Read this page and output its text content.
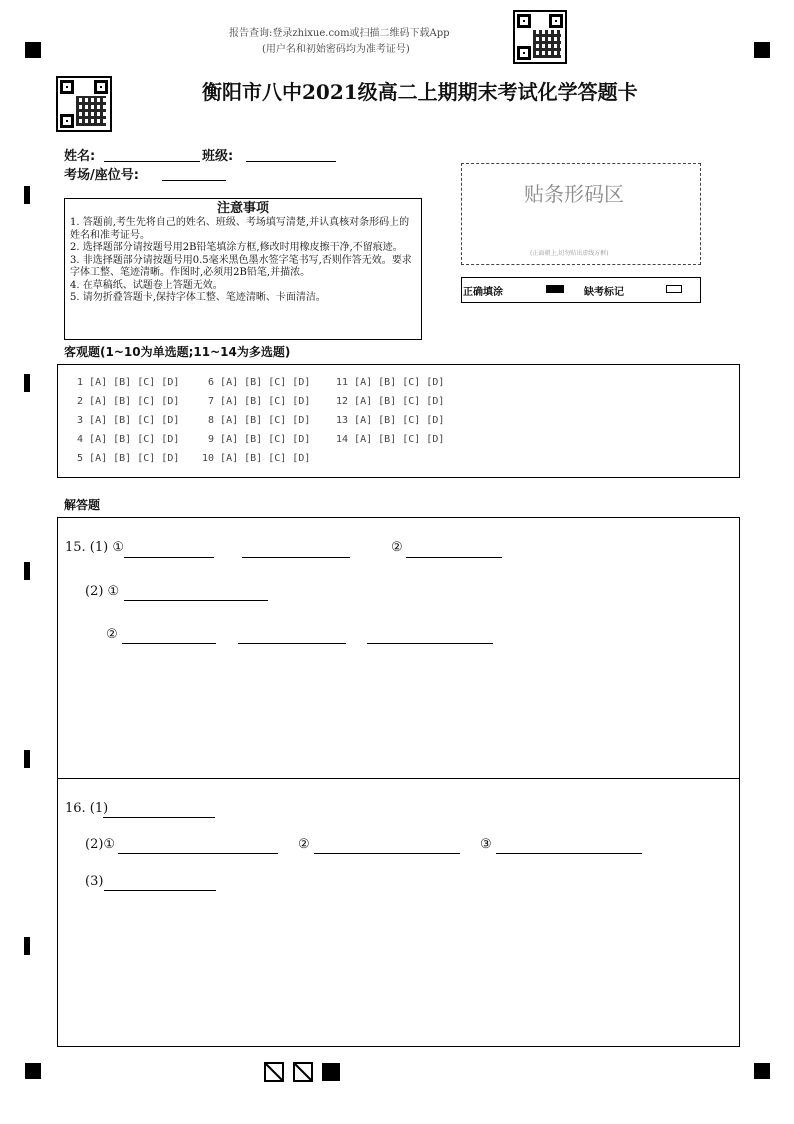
报告查询:登录zhixue.com或扫描二维码下载App
(用户名和初始密码均为准考证号)
衡阳市八中2021级高二上期期末考试化学答题卡
姓名:	班级:
考场/座位号:
贴条形码区
(正面朝上,切勿贴出虚线方框)
正确填涂	缺考标记
注意事项
1. 答题前,考生先将自己的姓名、班级、考场填写清楚,并认真核对条形码上的姓名和准考证号。
2. 选择题部分请按题号用2B铅笔填涂方框,修改时用橡皮擦干净,不留痕迹。
3. 非选择题部分请按题号用0.5毫米黑色墨水签字笔书写,否则作答无效。要求字体工整、笔迹清晰。作图时,必须用2B铅笔,并描浓。
4. 在草稿纸、试题卷上答题无效。
5. 请勿折叠答题卡,保持字体工整、笔迹清晰、卡面清洁。
客观题(1~10为单选题;11~14为多选题)
1 [A] [B] [C] [D] 6 [A] [B] [C] [D]	11 [A] [B] [C] [D]
2 [A] [B] [C] [D] 7 [A] [B] [C] [D]	12 [A] [B] [C] [D]
3 [A] [B] [C] [D] 8 [A] [B] [C] [D]	13 [A] [B] [C] [D]
4 [A] [B] [C] [D] 9 [A] [B] [C] [D]	14 [A] [B] [C] [D]
5 [A] [B] [C] [D] 10 [A] [B] [C] [D]
解答题
15. (1) ①	②
(2) ①
②
16. (1)
(2)①	②	③
(3)
